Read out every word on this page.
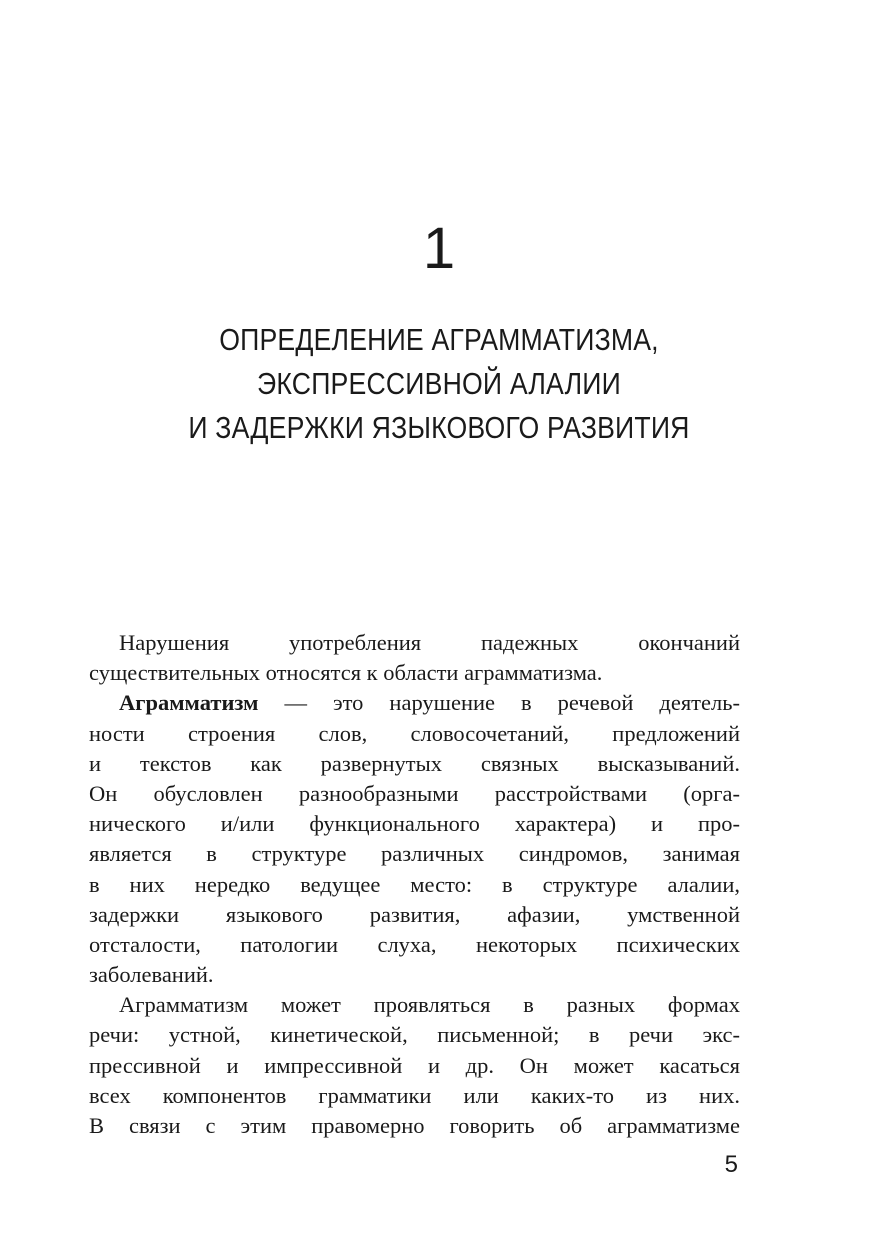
1
ОПРЕДЕЛЕНИЕ АГРАММАТИЗМА,
ЭКСПРЕССИВНОЙ АЛАЛИИ
И ЗАДЕРЖКИ ЯЗЫКОВОГО РАЗВИТИЯ
Нарушения употребления падежных окончаний
существительных относятся к области аграмматизма.
Аграмматизм — это нарушение в речевой деятель-
ности строения слов, словосочетаний, предложений
и текстов как развернутых связных высказываний.
Он обусловлен разнообразными расстройствами (орга-
нического и/или функционального характера) и про-
является в структуре различных синдромов, занимая
в них нередко ведущее место: в структуре алалии,
задержки языкового развития, афазии, умственной
отсталости, патологии слуха, некоторых психических
заболеваний.
Аграмматизм может проявляться в разных формах
речи: устной, кинетической, письменной; в речи экс-
прессивной и импрессивной и др. Он может касаться
всех компонентов грамматики или каких-то из них.
В связи с этим правомерно говорить об аграмматизме
5
